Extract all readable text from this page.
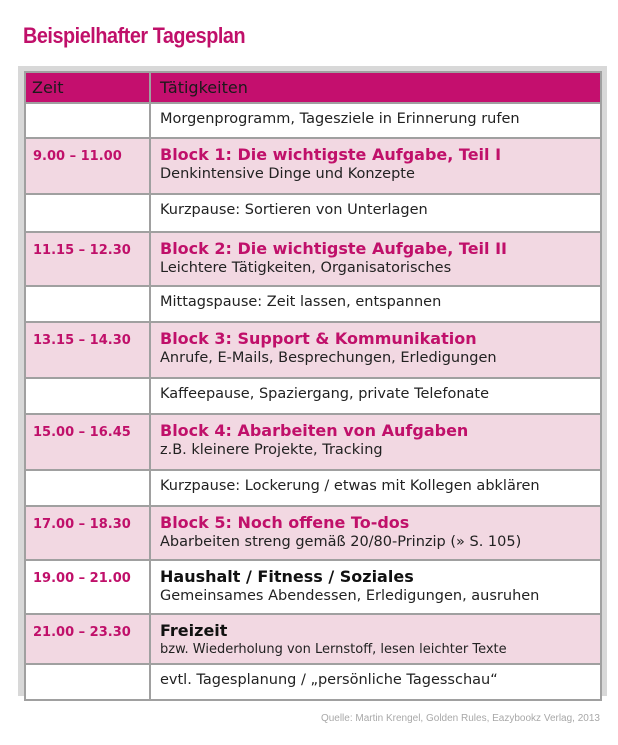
Beispielhafter Tagesplan
Zeit	Tätigkeiten

	Morgenprogramm, Tagesziele in Erinnerung rufen

9.00 – 11.00	Block 1: Die wichtigste Aufgabe, Teil I
Denkintensive Dinge und Konzepte

	Kurzpause: Sortieren von Unterlagen

11.15 – 12.30	Block 2: Die wichtigste Aufgabe, Teil II
Leichtere Tätigkeiten, Organisatorisches

	Mittagspause: Zeit lassen, entspannen

13.15 – 14.30	Block 3: Support & Kommunikation
Anrufe, E-Mails, Besprechungen, Erledigungen

	Kaffeepause, Spaziergang, private Telefonate

15.00 – 16.45	Block 4: Abarbeiten von Aufgaben
z.B. kleinere Projekte, Tracking

	Kurzpause: Lockerung / etwas mit Kollegen abklären

17.00 – 18.30	Block 5: Noch offene To-dos
Abarbeiten streng gemäß 20/80-Prinzip (» S. 105)

19.00 – 21.00	Haushalt / Fitness / Soziales
Gemeinsames Abendessen, Erledigungen, ausruhen

21.00 – 23.30	Freizeit
bzw. Wiederholung von Lernstoff, lesen leichter Texte

	evtl. Tagesplanung / „persönliche Tagesschau“
Quelle: Martin Krengel, Golden Rules, Eazybookz Verlag, 2013
